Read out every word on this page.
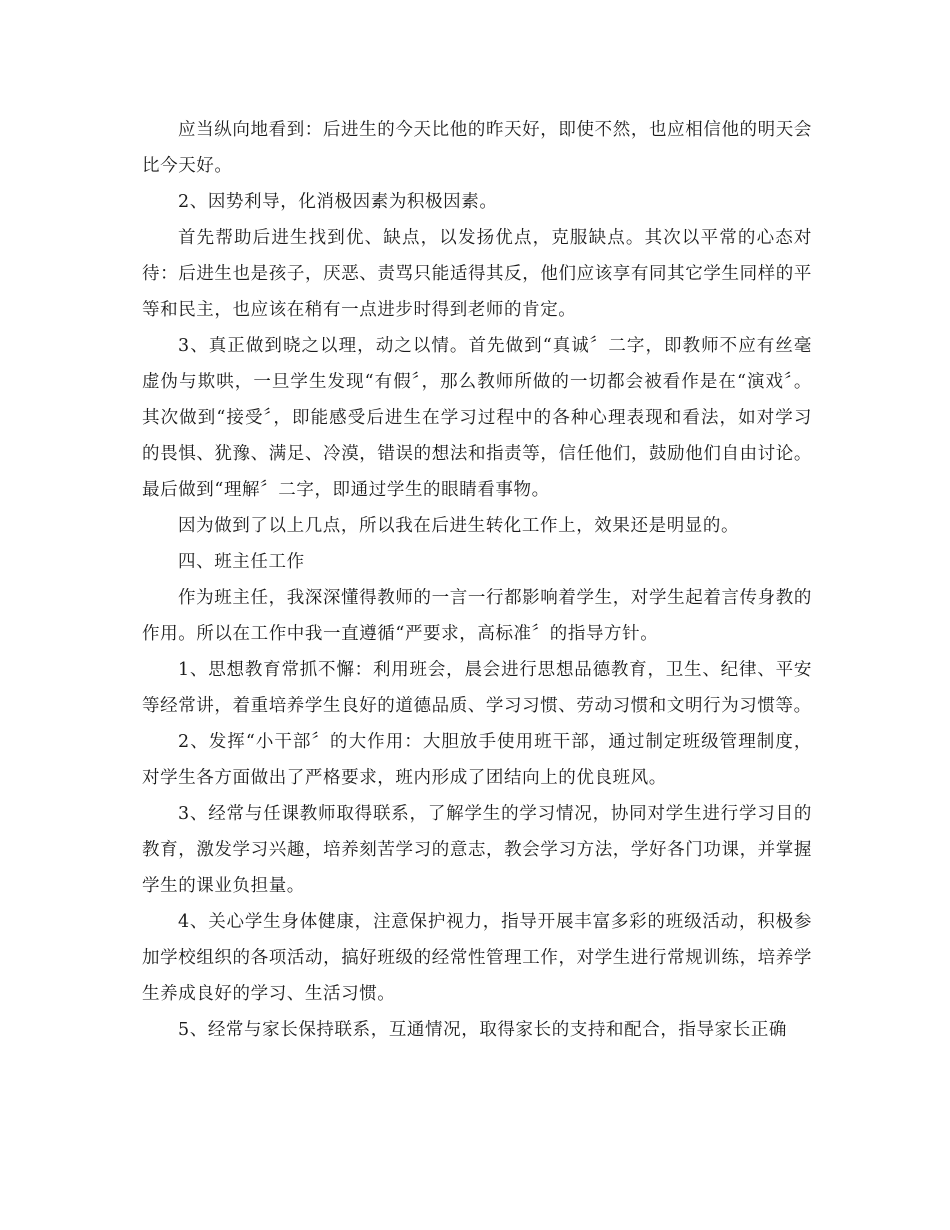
应当纵向地看到：后进生的今天比他的昨天好，即使不然，也应相信他的明天会比今天好。

2、因势利导，化消极因素为积极因素。

首先帮助后进生找到优、缺点，以发扬优点，克服缺点。其次以平常的心态对待：后进生也是孩子，厌恶、责骂只能适得其反，他们应该享有同其它学生同样的平等和民主，也应该在稍有一点进步时得到老师的肯定。

3、真正做到晓之以理，动之以情。首先做到“真诚〞二字，即教师不应有丝毫虚伪与欺哄，一旦学生发现“有假〞，那么教师所做的一切都会被看作是在“演戏〞。其次做到“接受〞，即能感受后进生在学习过程中的各种心理表现和看法，如对学习的畏惧、犹豫、满足、冷漠，错误的想法和指责等，信任他们，鼓励他们自由讨论。最后做到“理解〞二字，即通过学生的眼睛看事物。

因为做到了以上几点，所以我在后进生转化工作上，效果还是明显的。

四、班主任工作

作为班主任，我深深懂得教师的一言一行都影响着学生，对学生起着言传身教的作用。所以在工作中我一直遵循“严要求，高标准〞的指导方针。

1、思想教育常抓不懈：利用班会，晨会进行思想品德教育，卫生、纪律、平安等经常讲，着重培养学生良好的道德品质、学习习惯、劳动习惯和文明行为习惯等。

2、发挥“小干部〞的大作用：大胆放手使用班干部，通过制定班级管理制度，对学生各方面做出了严格要求，班内形成了团结向上的优良班风。

3、经常与任课教师取得联系，了解学生的学习情况，协同对学生进行学习目的教育，激发学习兴趣，培养刻苦学习的意志，教会学习方法，学好各门功课，并掌握学生的课业负担量。

4、关心学生身体健康，注意保护视力，指导开展丰富多彩的班级活动，积极参加学校组织的各项活动，搞好班级的经常性管理工作，对学生进行常规训练，培养学生养成良好的学习、生活习惯。

5、经常与家长保持联系，互通情况，取得家长的支持和配合，指导家长正确
